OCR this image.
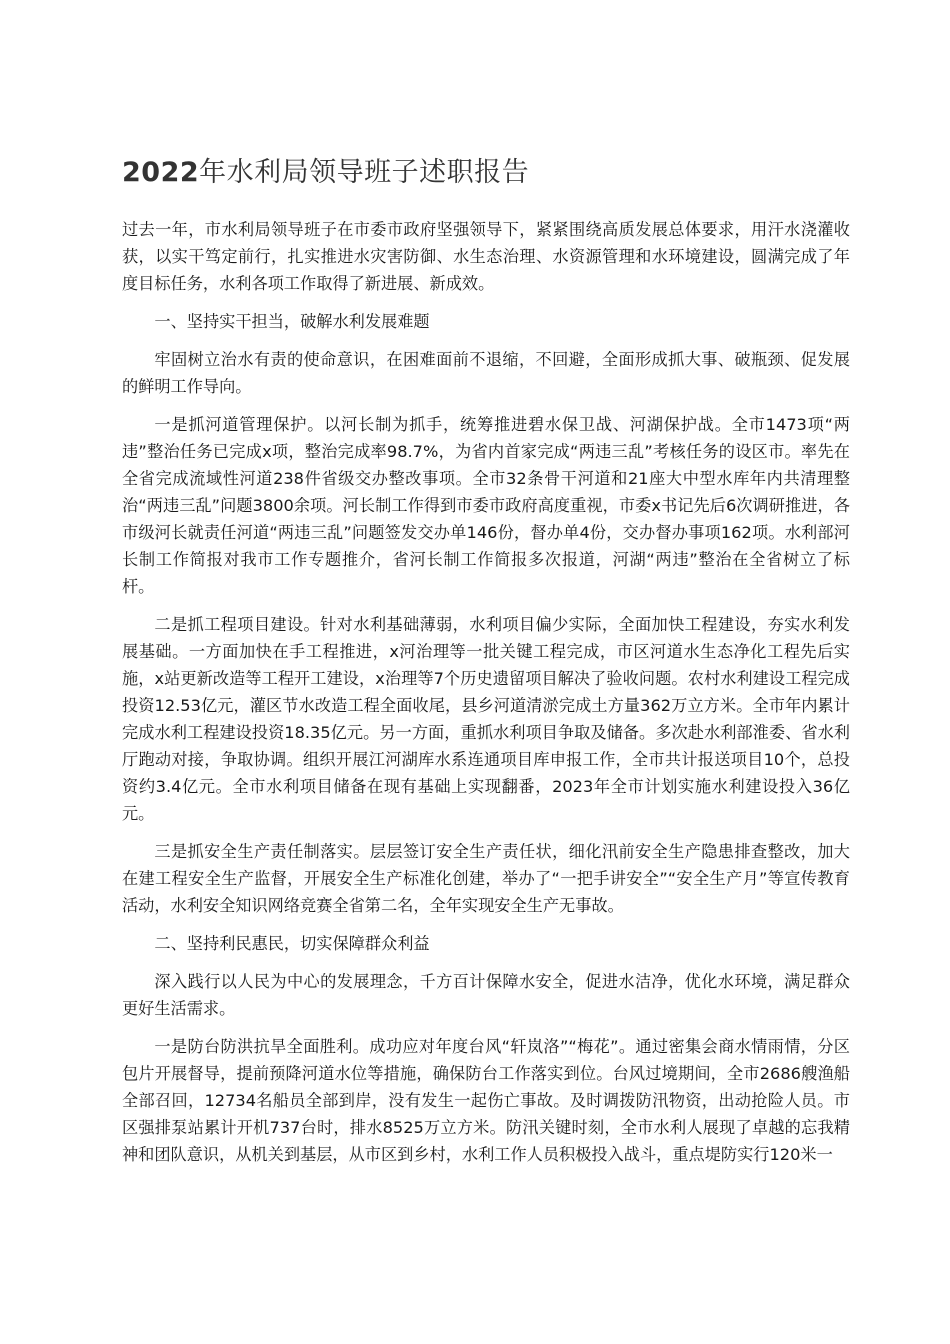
2022年水利局领导班子述职报告

过去一年，市水利局领导班子在市委市政府坚强领导下，紧紧围绕高质发展总体要求，用汗水浇灌收获，以实干笃定前行，扎实推进水灾害防御、水生态治理、水资源管理和水环境建设，圆满完成了年度目标任务，水利各项工作取得了新进展、新成效。

一、坚持实干担当，破解水利发展难题

牢固树立治水有责的使命意识，在困难面前不退缩，不回避，全面形成抓大事、破瓶颈、促发展的鲜明工作导向。

一是抓河道管理保护。以河长制为抓手，统筹推进碧水保卫战、河湖保护战。全市1473项“两违”整治任务已完成x项，整治完成率98.7%，为省内首家完成“两违三乱”考核任务的设区市。率先在全省完成流域性河道238件省级交办整改事项。全市32条骨干河道和21座大中型水库年内共清理整治“两违三乱”问题3800余项。河长制工作得到市委市政府高度重视，市委x书记先后6次调研推进，各市级河长就责任河道“两违三乱”问题签发交办单146份，督办单4份，交办督办事项162项。水利部河长制工作简报对我市工作专题推介，省河长制工作简报多次报道，河湖“两违”整治在全省树立了标杆。

二是抓工程项目建设。针对水利基础薄弱，水利项目偏少实际，全面加快工程建设，夯实水利发展基础。一方面加快在手工程推进，x河治理等一批关键工程完成，市区河道水生态净化工程先后实施，x站更新改造等工程开工建设，x治理等7个历史遗留项目解决了验收问题。农村水利建设工程完成投资12.53亿元，灌区节水改造工程全面收尾，县乡河道清淤完成土方量362万立方米。全市年内累计完成水利工程建设投资18.35亿元。另一方面，重抓水利项目争取及储备。多次赴水利部淮委、省水利厅跑动对接，争取协调。组织开展江河湖库水系连通项目库申报工作，全市共计报送项目10个，总投资约3.4亿元。全市水利项目储备在现有基础上实现翻番，2023年全市计划实施水利建设投入36亿元。

三是抓安全生产责任制落实。层层签订安全生产责任状，细化汛前安全生产隐患排查整改，加大在建工程安全生产监督，开展安全生产标准化创建，举办了“一把手讲安全”“安全生产月”等宣传教育活动，水利安全知识网络竞赛全省第二名，全年实现安全生产无事故。

二、坚持利民惠民，切实保障群众利益

深入践行以人民为中心的发展理念，千方百计保障水安全，促进水洁净，优化水环境，满足群众更好生活需求。

一是防台防洪抗旱全面胜利。成功应对年度台风“轩岚洛”“梅花”。通过密集会商水情雨情，分区包片开展督导，提前预降河道水位等措施，确保防台工作落实到位。台风过境期间，全市2686艘渔船全部召回，12734名船员全部到岸，没有发生一起伤亡事故。及时调拨防汛物资，出动抢险人员。市区强排泵站累计开机737台时，排水8525万立方米。防汛关键时刻，全市水利人展现了卓越的忘我精神和团队意识，从机关到基层，从市区到乡村，水利工作人员积极投入战斗，重点堤防实行120米一
